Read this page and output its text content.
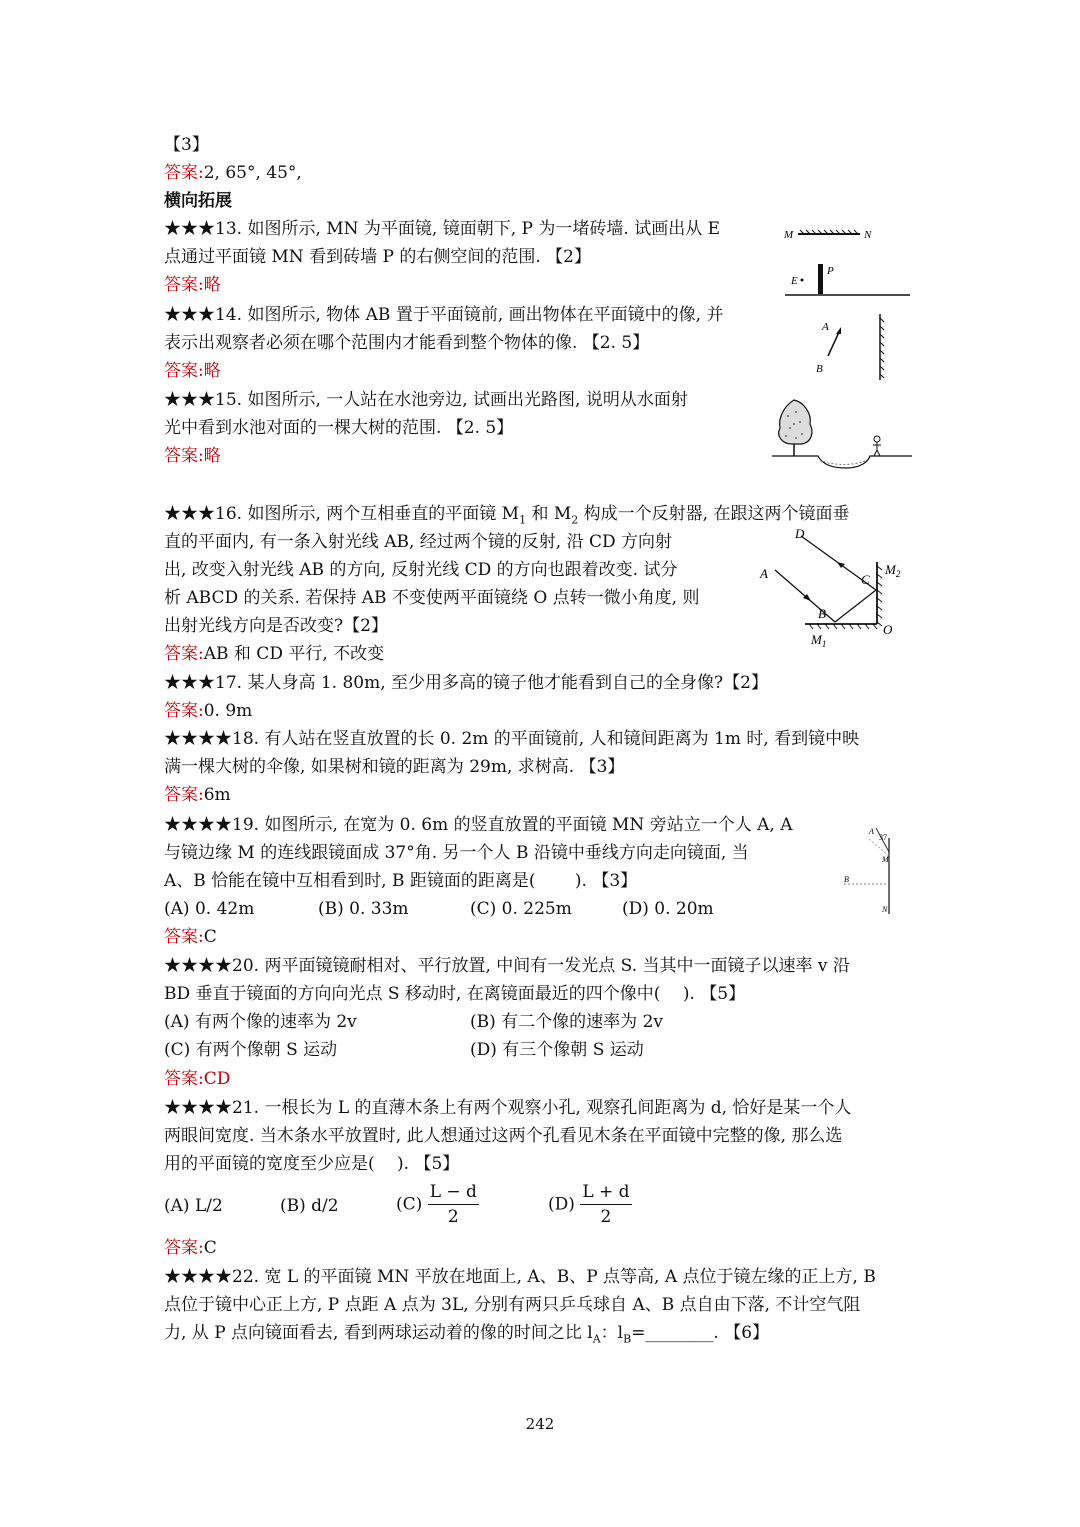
【3】
答案:2, 65°, 45°,
横向拓展
★★★13. 如图所示, MN 为平面镜, 镜面朝下, P 为一堵砖墙. 试画出从 E
点通过平面镜 MN 看到砖墙 P 的右侧空间的范围. 【2】
答案:略
M	N
P
E
★★★14. 如图所示, 物体 AB 置于平面镜前, 画出物体在平面镜中的像, 并
表示出观察者必须在哪个范围内才能看到整个物体的像. 【2. 5】
答案:略
A
B
★★★15. 如图所示, 一人站在水池旁边, 试画出光路图, 说明从水面射
光中看到水池对面的一棵大树的范围. 【2. 5】
答案:略
★★★16. 如图所示, 两个互相垂直的平面镜 $M_1$ 和 $M_2$ 构成一个反射器, 在跟这两个镜面垂
直的平面内, 有一条入射光线 AB, 经过两个镜的反射, 沿 CD 方向射
出, 改变入射光线 AB 的方向, 反射光线 CD 的方向也跟着改变. 试分
析 ABCD 的关系. 若保持 AB 不变使两平面镜绕 O 点转一微小角度, 则
出射光线方向是否改变?【2】
答案:AB 和 CD 平行, 不改变
D
A	C
B
$M_2$
$M_1$
O
★★★17. 某人身高 1. 80m, 至少用多高的镜子他才能看到自己的全身像?【2】
答案:0. 9m
★★★★18. 有人站在竖直放置的长 0. 2m 的平面镜前, 人和镜间距离为 1m 时, 看到镜中映
满一棵大树的伞像, 如果树和镜的距离为 29m, 求树高. 【3】
答案:6m
★★★★19. 如图所示, 在宽为 0. 6m 的竖直放置的平面镜 MN 旁站立一个人 A, A
与镜边缘 M 的连线跟镜面成 37°角. 另一个人 B 沿镜中垂线方向走向镜面, 当
A、B 恰能在镜中互相看到时, B 距镜面的距离是(　　 ). 【3】
(A) 0. 42m	(B) 0. 33m	(C) 0. 225m	(D) 0. 20m
答案:C
A
37
M
B
N
★★★★20. 两平面镜镜耐相对、平行放置, 中间有一发光点 S. 当其中一面镜子以速率 v 沿
BD 垂直于镜面的方向向光点 S 移动时, 在离镜面最近的四个像中(　 ). 【5】
(A) 有两个像的速率为 2v	(B) 有二个像的速率为 2v
(C) 有两个像朝 S 运动	(D) 有三个像朝 S 运动
答案:CD
★★★★21. 一根长为 L 的直薄木条上有两个观察小孔, 观察孔间距离为 d, 恰好是某一个人
两眼间宽度. 当木条水平放置时, 此人想通过这两个孔看见木条在平面镜中完整的像, 那么选
用的平面镜的宽度至少应是(　 ). 【5】
(A) L/2	(B) d/2	$(C) \frac{L - d}{2}$	$(D) \frac{L + d}{2}$
答案:C
★★★★22. 宽 L 的平面镜 MN 平放在地面上, A、B、P 点等高, A 点位于镜左缘的正上方, B
点位于镜中心正上方, P 点距 A 点为 3L, 分别有两只乒乓球自 A、B 点自由下落, 不计空气阻
力, 从 P 点向镜面看去, 看到两球运动着的像的时间之比 $l_A$：$l_B=\_\_\_\_\_\_\_\_$. 【6】
242
